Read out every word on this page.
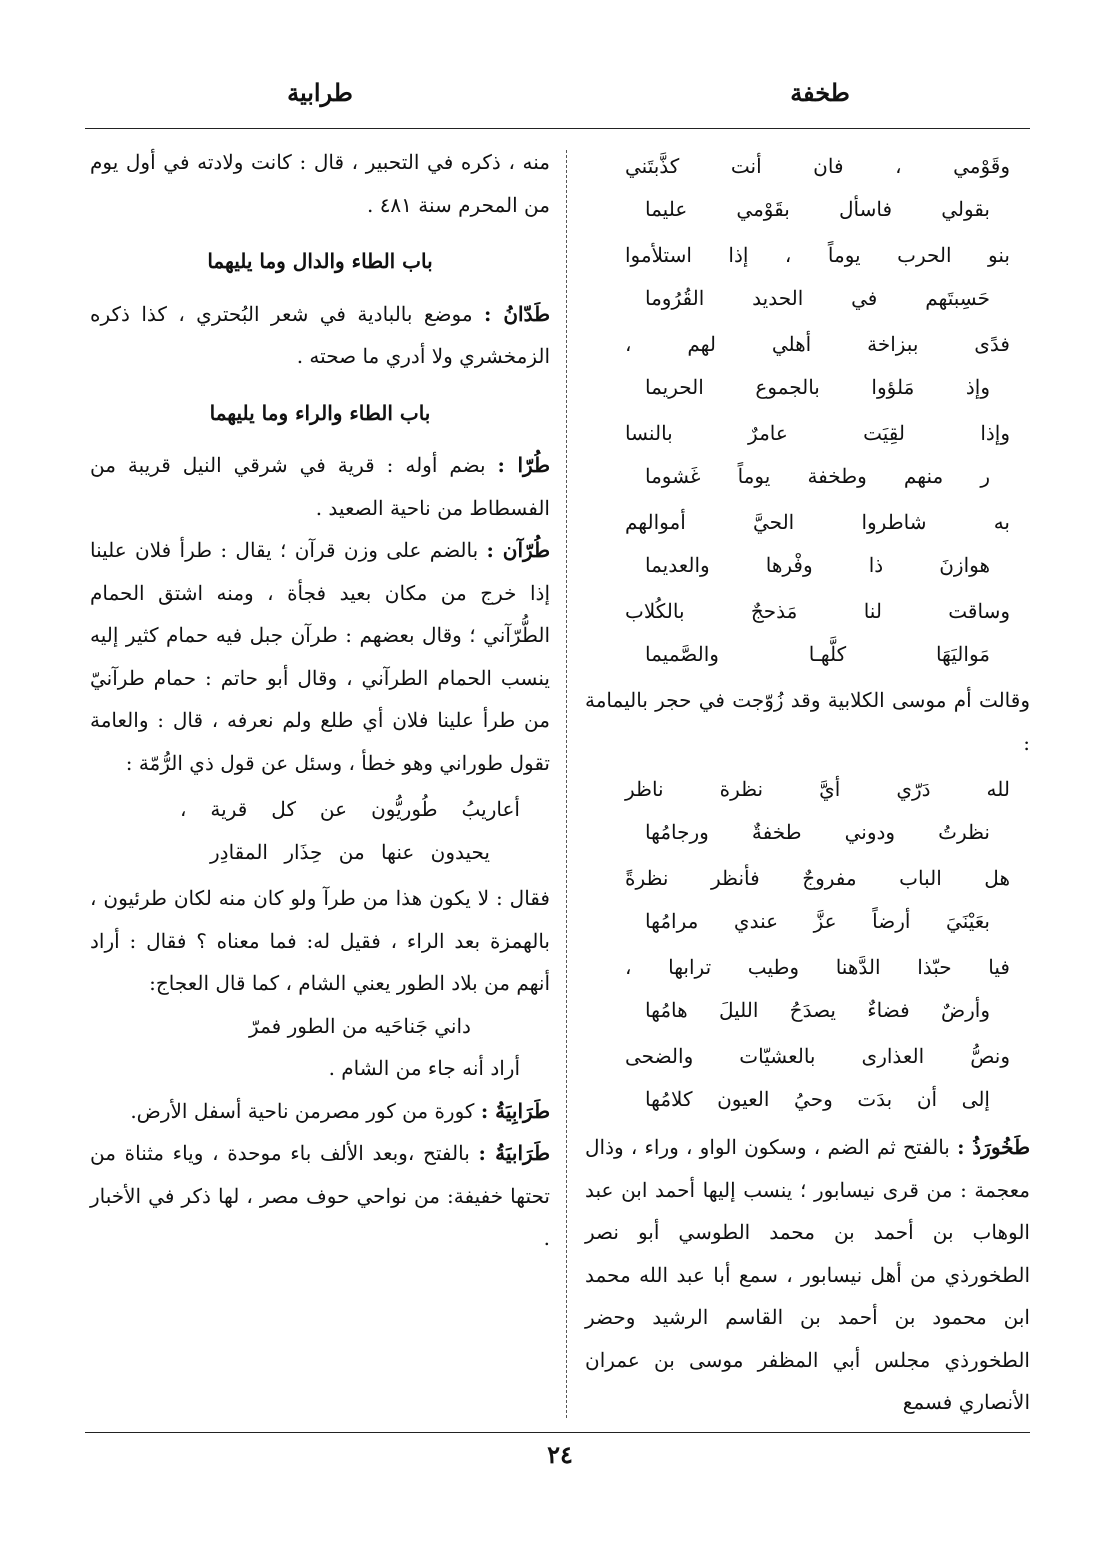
طخفة
طرابية
وقَوْمي ، فان أنت كذَّبتَني
بقولي فاسأل بقَوْمي عليما
بنو الحرب يوماً ، إذا استلأموا
حَسِبتَهم في الحديد القُرُوما
فدًى ببزاخة أهلي لهم ،
وإذ مَلؤوا بالجموع الحريما
وإذا لقِيَت عامرٌ بالنسا
ر منهم وطخفة يوماً غَشوما
به شاطروا الحيَّ أموالهم
هوازنَ ذا وفْرها والعديما
وساقت لنا مَذحجٌ بالكُلاب
مَواليَهَا كلَّهـا والصَّميما

وقالت أم موسى الكلابية وقد زُوّجت في حجر باليمامة :

لله دَرّي أيَّ نظرة ناظر
نظرتُ ودوني طخفةٌ ورجامُها
هل الباب مفروجٌ فأنظر نظرةً
بعَيْنَيَ أرضاً عزَّ عندي مرامُها
فيا حبّذا الدَّهنا وطيب ترابها ،
وأرضٌ فضاءٌ يصدَحُ الليلَ هامُها
ونصُّ العذارى بالعشيّات والضحى
إلى أن بدَت وحيُ العيون كلامُها

طَخُورَذُ : بالفتح ثم الضم ، وسكون الواو ، وراء ، وذال معجمة : من قرى نيسابور ؛ ينسب إليها أحمد ابن عبد الوهاب بن أحمد بن محمد الطوسي أبو نصر الطخورذي من أهل نيسابور ، سمع أبا عبد الله محمد ابن محمود بن أحمد بن القاسم الرشيد وحضر الطخورذي مجلس أبي المظفر موسى بن عمران الأنصاري فسمع

منه ، ذكره في التحبير ، قال : كانت ولادته في أول يوم من المحرم سنة ٤٨١ .

باب الطاء والدال وما يليهما

طَدّانُ : موضع بالبادية في شعر البُحتري ، كذا ذكره الزمخشري ولا أدري ما صحته .

باب الطاء والراء وما يليهما

طُرّا : بضم أوله : قرية في شرقي النيل قريبة من الفسطاط من ناحية الصعيد .

طُرّآن : بالضم على وزن قرآن ؛ يقال : طرأ فلان علينا إذا خرج من مكان بعيد فجأة ، ومنه اشتق الحمام الطُّرّآني ؛ وقال بعضهم : طرآن جبل فيه حمام كثير إليه ينسب الحمام الطرآني ، وقال أبو حاتم : حمام طرآنيّ من طرأ علينا فلان أي طلع ولم نعرفه ، قال : والعامة تقول طوراني وهو خطأ ، وسئل عن قول ذي الرُّمّة :

أعاريبُ طُوريُّون عن كل قرية ،
يحيدون عنها من حِذَار المقادِر

فقال : لا يكون هذا من طرآ ولو كان منه لكان طرئيون ، بالهمزة بعد الراء ، فقيل له: فما معناه ؟ فقال : أراد أنهم من بلاد الطور يعني الشام ، كما قال العجاج:

داني جَناحَيه من الطور فمرّ

أراد أنه جاء من الشام .

طَرَابِيَةُ : كورة من كور مصرمن ناحية أسفل الأرض.

طَرَابيَةُ : بالفتح ،وبعد الألف باء موحدة ، وياء مثناة من تحتها خفيفة: من نواحي حوف مصر ، لها ذكر في الأخبار .

٢٤
